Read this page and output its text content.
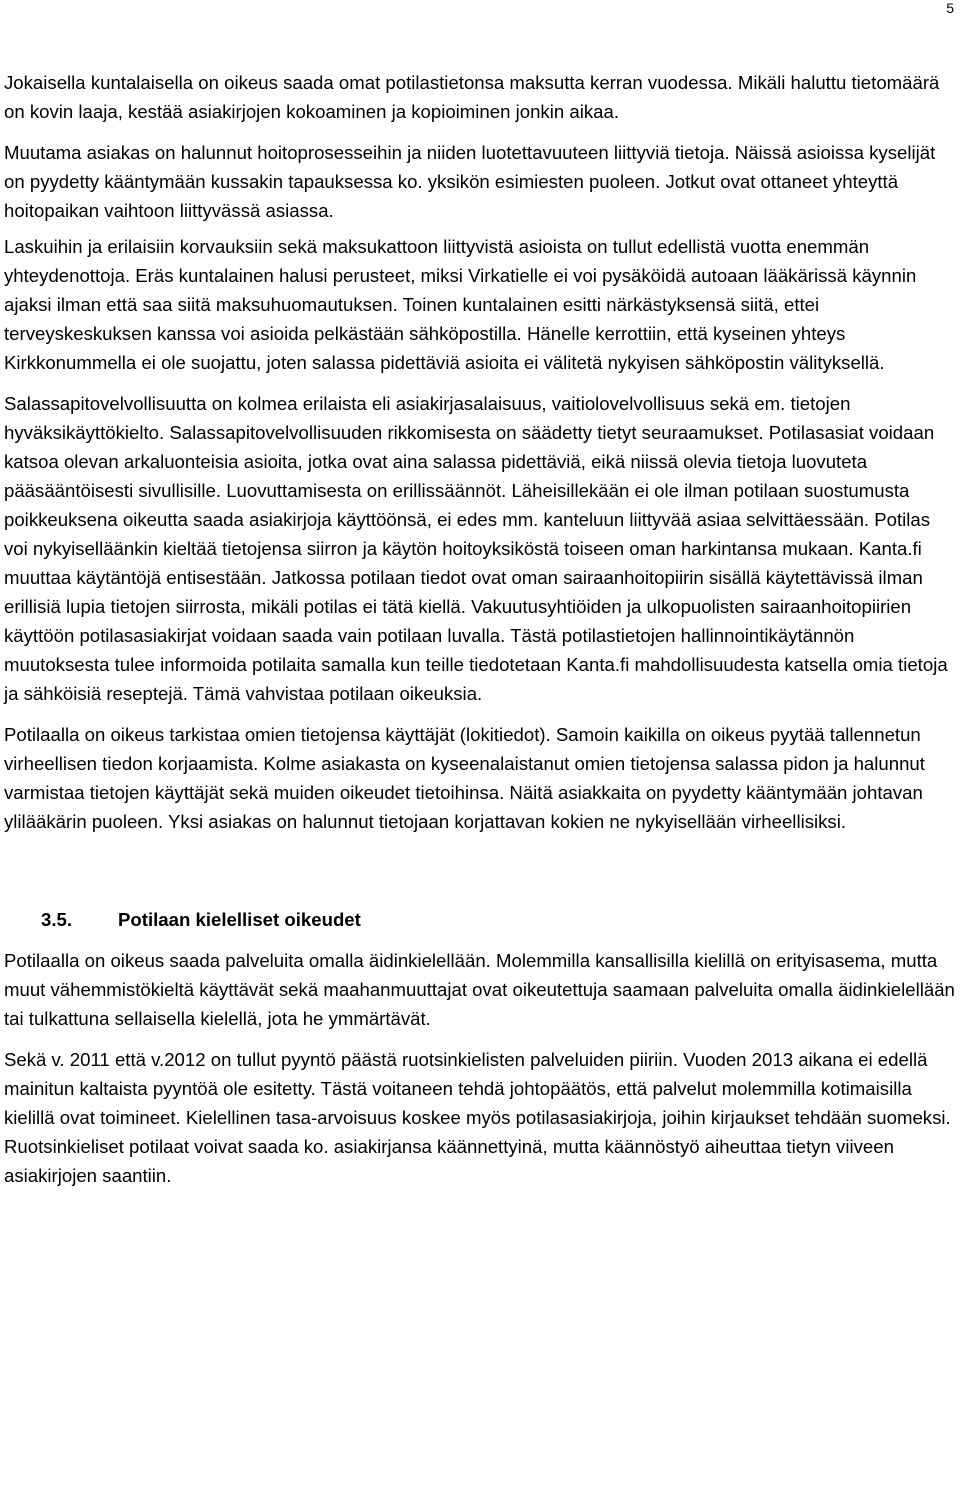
5

Jokaisella kuntalaisella on oikeus saada omat potilastietonsa maksutta kerran vuodessa. Mikäli haluttu tietomäärä on kovin laaja, kestää asiakirjojen kokoaminen ja kopioiminen jonkin aikaa.

Muutama asiakas on halunnut hoitoprosesseihin ja niiden luotettavuuteen liittyviä tietoja. Näissä asioissa kyselijät on pyydetty kääntymään kussakin tapauksessa ko. yksikön esimiesten puoleen. Jotkut ovat ottaneet yhteyttä hoitopaikan vaihtoon liittyvässä asiassa.

Laskuihin ja erilaisiin korvauksiin sekä maksukattoon liittyvistä asioista on tullut edellistä vuotta enemmän yhteydenottoja. Eräs kuntalainen halusi perusteet, miksi Virkatielle ei voi pysäköidä autoaan lääkärissä käynnin ajaksi ilman että saa siitä maksuhuomautuksen. Toinen kuntalainen esitti närkästyksensä siitä, ettei terveyskeskuksen kanssa voi asioida pelkästään sähköpostilla. Hänelle kerrottiin, että kyseinen yhteys Kirkkonummella ei ole suojattu, joten salassa pidettäviä asioita ei välitetä nykyisen sähköpostin välityksellä.

Salassapitovelvollisuutta on kolmea erilaista eli asiakirjasalaisuus, vaitiolovelvollisuus sekä em. tietojen hyväksikäyttökielto. Salassapitovelvollisuuden rikkomisesta on säädetty tietyt seuraamukset. Potilasasiat voidaan katsoa olevan arkaluonteisia asioita, jotka ovat aina salassa pidettäviä, eikä niissä olevia tietoja luovuteta pääsääntöisesti sivullisille. Luovuttamisesta on erillissäännöt. Läheisillekään ei ole ilman potilaan suostumusta poikkeuksena oikeutta saada asiakirjoja käyttöönsä, ei edes mm. kanteluun liittyvää asiaa selvittäessään. Potilas voi nykyiselläänkin kieltää tietojensa siirron ja käytön hoitoyksiköstä toiseen oman harkintansa mukaan. Kanta.fi muuttaa käytäntöjä entisestään. Jatkossa potilaan tiedot ovat oman sairaanhoitopiirin sisällä käytettävissä ilman erillisiä lupia tietojen siirrosta, mikäli potilas ei tätä kiellä. Vakuutusyhtiöiden ja ulkopuolisten sairaanhoitopiirien käyttöön potilasasiakirjat voidaan saada vain potilaan luvalla. Tästä potilastietojen hallinnointikäytännön muutoksesta tulee informoida potilaita samalla kun teille tiedotetaan Kanta.fi mahdollisuudesta katsella omia tietoja ja sähköisiä reseptejä. Tämä vahvistaa potilaan oikeuksia.

Potilaalla on oikeus tarkistaa omien tietojensa käyttäjät (lokitiedot). Samoin kaikilla on oikeus pyytää tallennetun virheellisen tiedon korjaamista. Kolme asiakasta on kyseenalaistanut omien tietojensa salassa pidon ja halunnut varmistaa tietojen käyttäjät sekä muiden oikeudet tietoihinsa. Näitä asiakkaita on pyydetty kääntymään johtavan ylilääkärin puoleen. Yksi asiakas on halunnut tietojaan korjattavan kokien ne nykyisellään virheellisiksi.

3.5. Potilaan kielelliset oikeudet

Potilaalla on oikeus saada palveluita omalla äidinkielellään. Molemmilla kansallisilla kielillä on erityisasema, mutta muut vähemmistökieltä käyttävät sekä maahanmuuttajat ovat oikeutettuja saamaan palveluita omalla äidinkielellään tai tulkattuna sellaisella kielellä, jota he ymmärtävät.

Sekä v. 2011 että v.2012 on tullut pyyntö päästä ruotsinkielisten palveluiden piiriin. Vuoden 2013 aikana ei edellä mainitun kaltaista pyyntöä ole esitetty. Tästä voitaneen tehdä johtopäätös, että palvelut molemmilla kotimaisilla kielillä ovat toimineet. Kielellinen tasa-arvoisuus koskee myös potilasasiakirjoja, joihin kirjaukset tehdään suomeksi. Ruotsinkieliset potilaat voivat saada ko. asiakirjansa käännettyinä, mutta käännöstyö aiheuttaa tietyn viiveen asiakirjojen saantiin.
